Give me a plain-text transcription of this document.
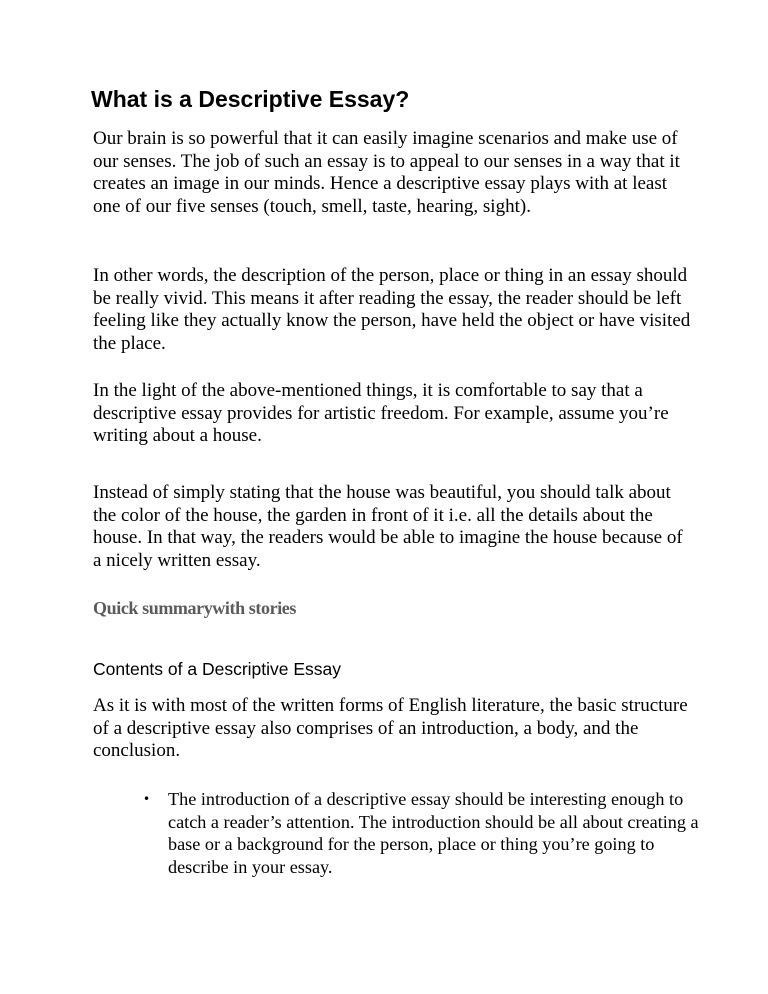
What is a Descriptive Essay?

Our brain is so powerful that it can easily imagine scenarios and make use of our senses. The job of such an essay is to appeal to our senses in a way that it creates an image in our minds. Hence a descriptive essay plays with at least one of our five senses (touch, smell, taste, hearing, sight).

In other words, the description of the person, place or thing in an essay should be really vivid. This means it after reading the essay, the reader should be left feeling like they actually know the person, have held the object or have visited the place.

In the light of the above-mentioned things, it is comfortable to say that a descriptive essay provides for artistic freedom. For example, assume you’re writing about a house.

Instead of simply stating that the house was beautiful, you should talk about the color of the house, the garden in front of it i.e. all the details about the house. In that way, the readers would be able to imagine the house because of a nicely written essay.

Quick summarywith stories

Contents of a Descriptive Essay

As it is with most of the written forms of English literature, the basic structure of a descriptive essay also comprises of an introduction, a body, and the conclusion.

• The introduction of a descriptive essay should be interesting enough to catch a reader’s attention. The introduction should be all about creating a base or a background for the person, place or thing you’re going to describe in your essay.
